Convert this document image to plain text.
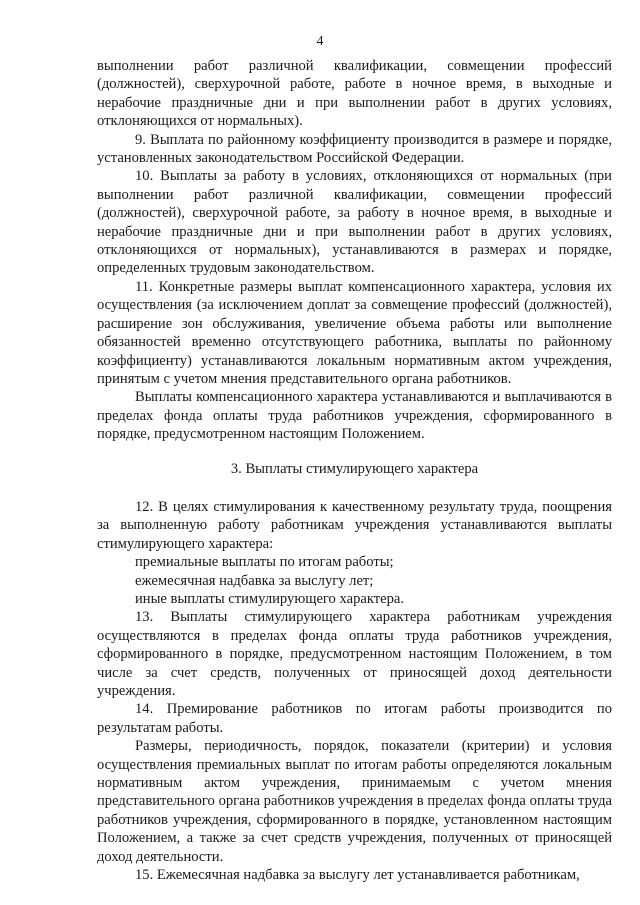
4

выполнении работ различной квалификации, совмещении профессий (должностей), сверхурочной работе, работе в ночное время, в выходные и нерабочие праздничные дни и при выполнении работ в других условиях, отклоняющихся от нормальных).

9. Выплата по районному коэффициенту производится в размере и порядке, установленных законодательством Российской Федерации.

10. Выплаты за работу в условиях, отклоняющихся от нормальных (при выполнении работ различной квалификации, совмещении профессий (должностей), сверхурочной работе, за работу в ночное время, в выходные и нерабочие праздничные дни и при выполнении работ в других условиях, отклоняющихся от нормальных), устанавливаются в размерах и порядке, определенных трудовым законодательством.

11. Конкретные размеры выплат компенсационного характера, условия их осуществления (за исключением доплат за совмещение профессий (должностей), расширение зон обслуживания, увеличение объема работы или выполнение обязанностей временно отсутствующего работника, выплаты по районному коэффициенту) устанавливаются локальным нормативным актом учреждения, принятым с учетом мнения представительного органа работников.

Выплаты компенсационного характера устанавливаются и выплачиваются в пределах фонда оплаты труда работников учреждения, сформированного в порядке, предусмотренном настоящим Положением.

3. Выплаты стимулирующего характера

12. В целях стимулирования к качественному результату труда, поощрения за выполненную работу работникам учреждения устанавливаются выплаты стимулирующего характера:

премиальные выплаты по итогам работы;

ежемесячная надбавка за выслугу лет;

иные выплаты стимулирующего характера.

13. Выплаты стимулирующего характера работникам учреждения осуществляются в пределах фонда оплаты труда работников учреждения, сформированного в порядке, предусмотренном настоящим Положением, в том числе за счет средств, полученных от приносящей доход деятельности учреждения.

14. Премирование работников по итогам работы производится по результатам работы.

Размеры, периодичность, порядок, показатели (критерии) и условия осуществления премиальных выплат по итогам работы определяются локальным нормативным актом учреждения, принимаемым с учетом мнения представительного органа работников учреждения в пределах фонда оплаты труда работников учреждения, сформированного в порядке, установленном настоящим Положением, а также за счет средств учреждения, полученных от приносящей доход деятельности.

15. Ежемесячная надбавка за выслугу лет устанавливается работникам,
